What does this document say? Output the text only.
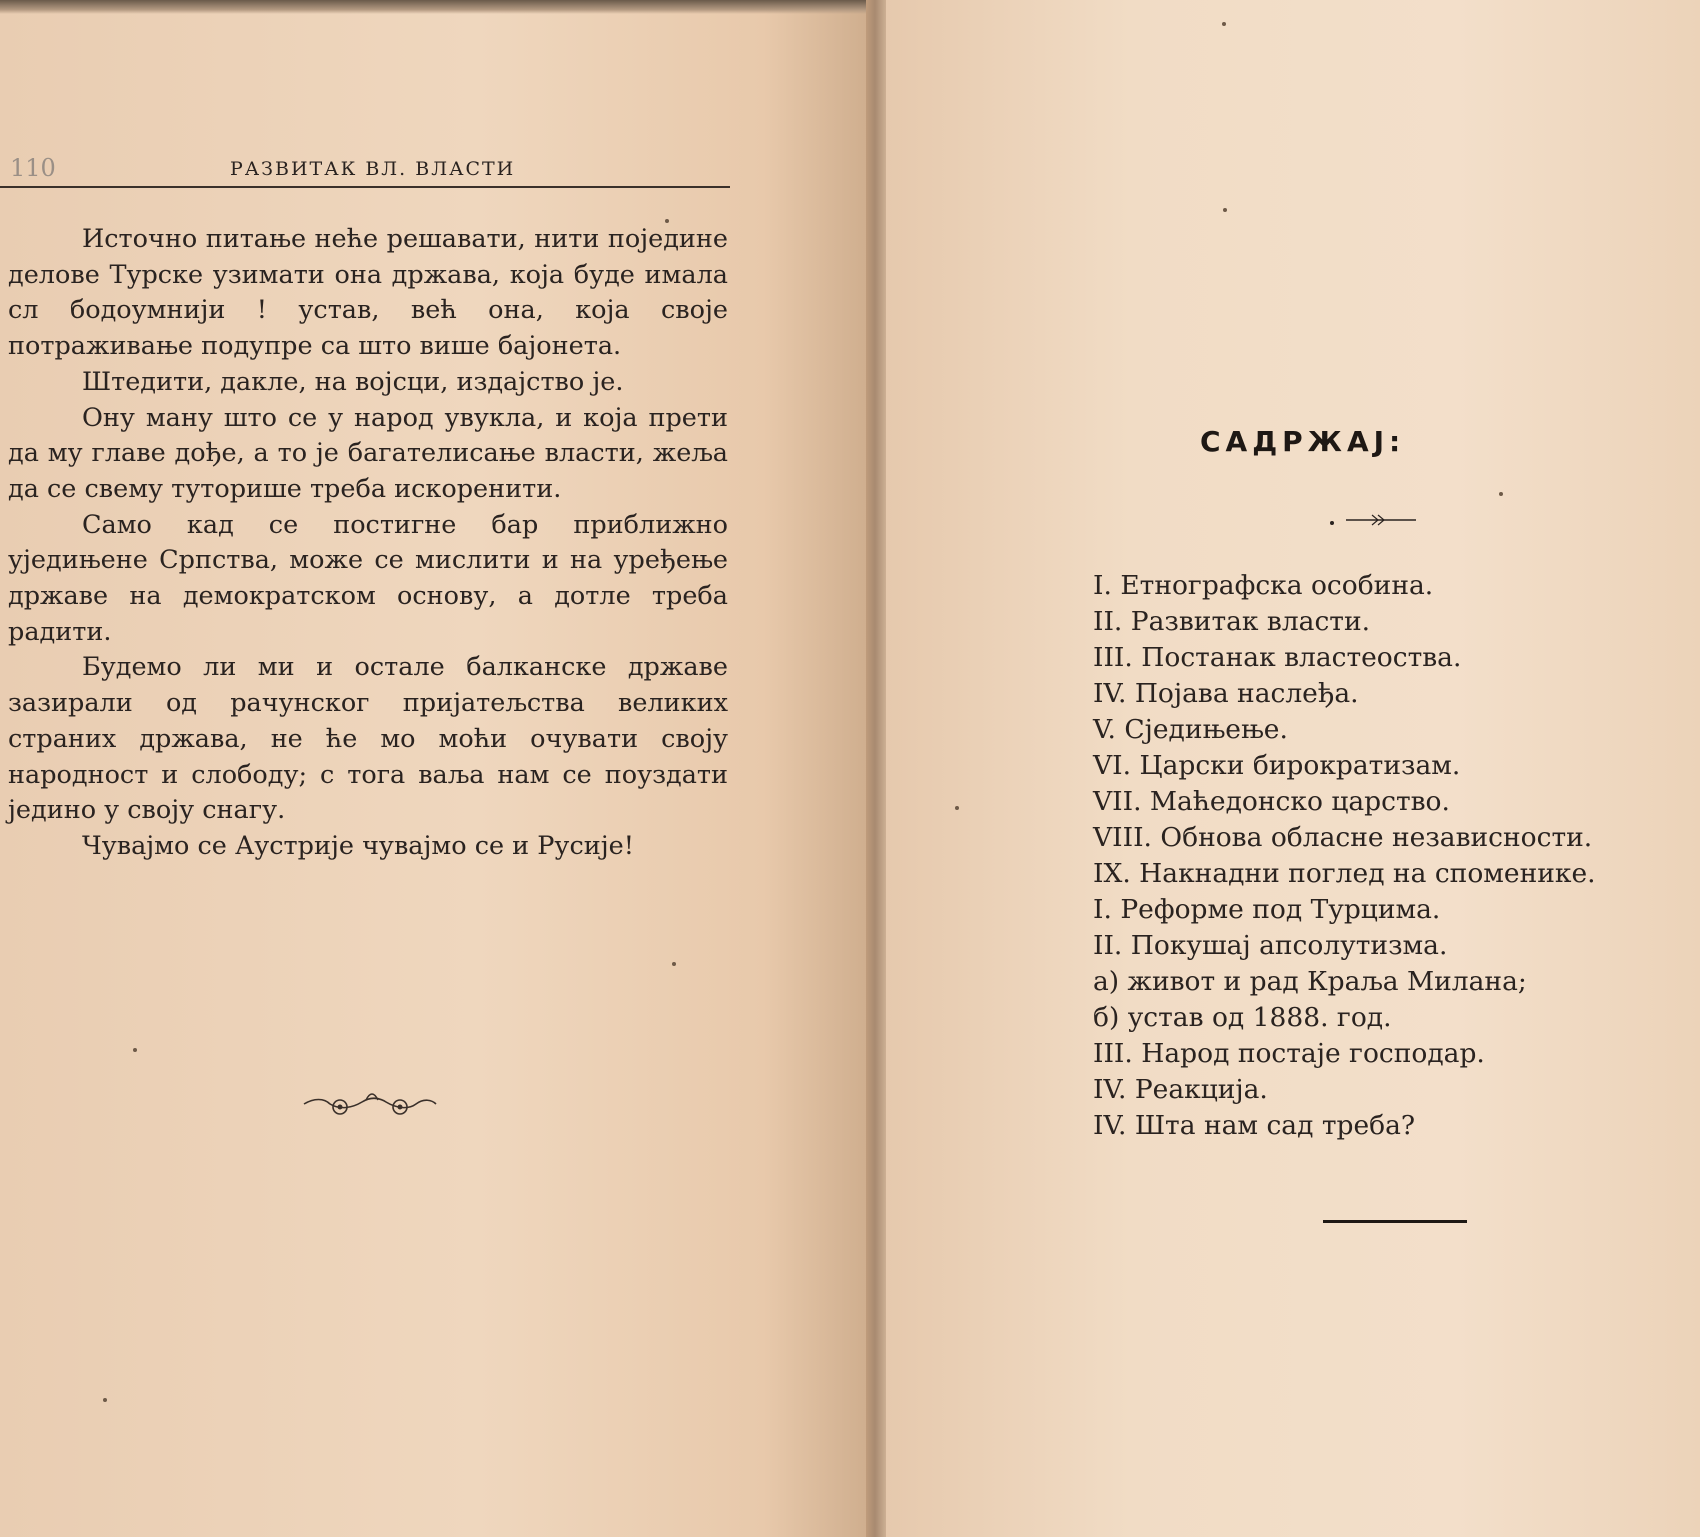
110	РАЗВИТАК ВЛ. ВЛАСТИ

Источно питање неће решавати, нити поједине делове Турске узимати она држава, која буде имала сл бодоумнији ! устав, већ она, која своје потраживање подупре са што више бајонета.

Штедити, дакле, на војсци, издајство је.

Ону ману што се у народ увукла, и која прети да му главе дође, а то је багателисање власти, жеља да се свему туторише треба искоренити.

Само кад се постигне бар приближно уједињене Српства, може се мислити и на уређење државе на демократском основу, а дотле треба радити.

Будемо ли ми и остале балканске државе зазирали од рачунског пријатељства великих страних држава, не ће мо моћи очувати своју народност и слободу; с тога ваља нам се поуздати једино у своју снагу.

Чувајмо се Аустрије чувајмо се и Русије!

САДРЖАЈ:
I. Етнографска особина.
II. Развитак власти.
III. Постанак властеоства.
IV. Појава наслеђа.
V. Сједињење.
VI. Царски бирократизам.
VII. Маћедонско царство.
VIII. Обнова обласне независности.
IX. Накнадни поглед на споменике.
I. Реформе под Турцима.
II. Покушај апсолутизма.
а) живот и рад Краља Милана;
б) устав од 1888. год.
III. Народ постаје господар.
IV. Реакција.
IV. Шта нам сад треба?
